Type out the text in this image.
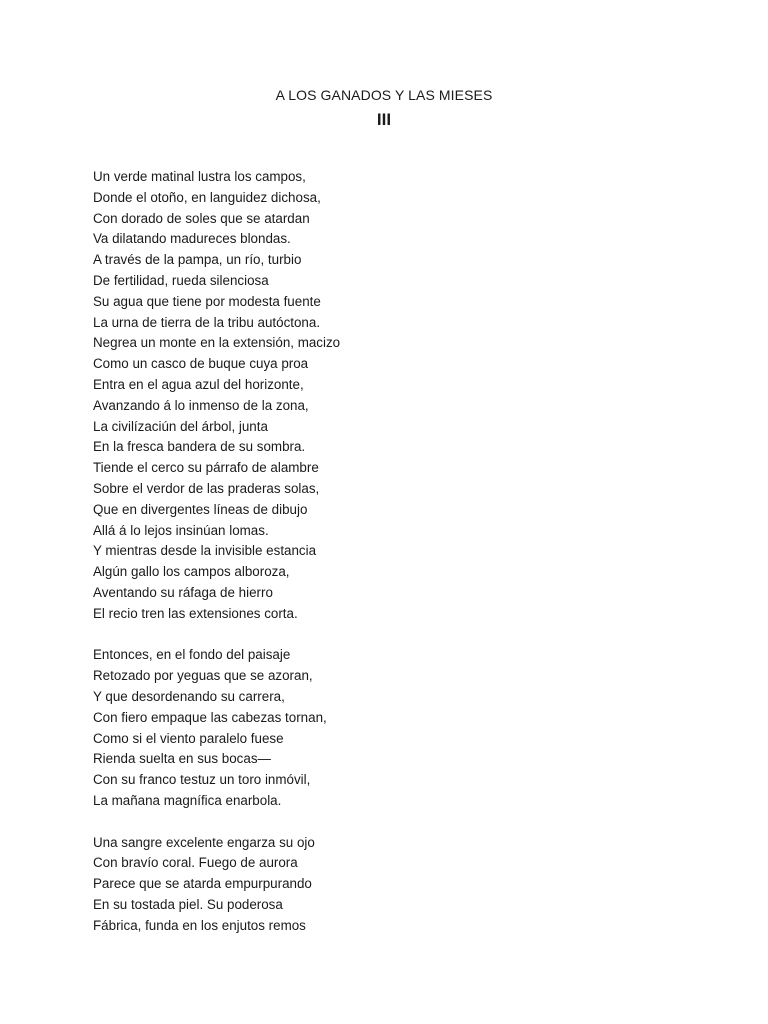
A LOS GANADOS Y LAS MIESES
III
Un verde matinal lustra los campos,
Donde el otoño, en languidez dichosa,
Con dorado de soles que se atardan
Va dilatando madureces blondas.
A través de la pampa, un río, turbio
De fertilidad, rueda silenciosa
Su agua que tiene por modesta fuente
La urna de tierra de la tribu autóctona.
Negrea un monte en la extensión, macizo
Como un casco de buque cuya proa
Entra en el agua azul del horizonte,
Avanzando á lo inmenso de la zona,
La civilízaciún del árbol, junta
En la fresca bandera de su sombra.
Tiende el cerco su párrafo de alambre
Sobre el verdor de las praderas solas,
Que en divergentes líneas de dibujo
Allá á lo lejos insinúan lomas.
Y mientras desde la invisible estancia
Algún gallo los campos alboroza,
Aventando su ráfaga de hierro
El recio tren las extensiones corta.
Entonces, en el fondo del paisaje
Retozado por yeguas que se azoran,
Y que desordenando su carrera,
Con fiero empaque las cabezas tornan,
Como si el viento paralelo fuese
Rienda suelta en sus bocas—
Con su franco testuz un toro inmóvil,
La mañana magnífica enarbola.
Una sangre excelente engarza su ojo
Con bravío coral. Fuego de aurora
Parece que se atarda empurpurando
En su tostada piel. Su poderosa
Fábrica, funda en los enjutos remos
